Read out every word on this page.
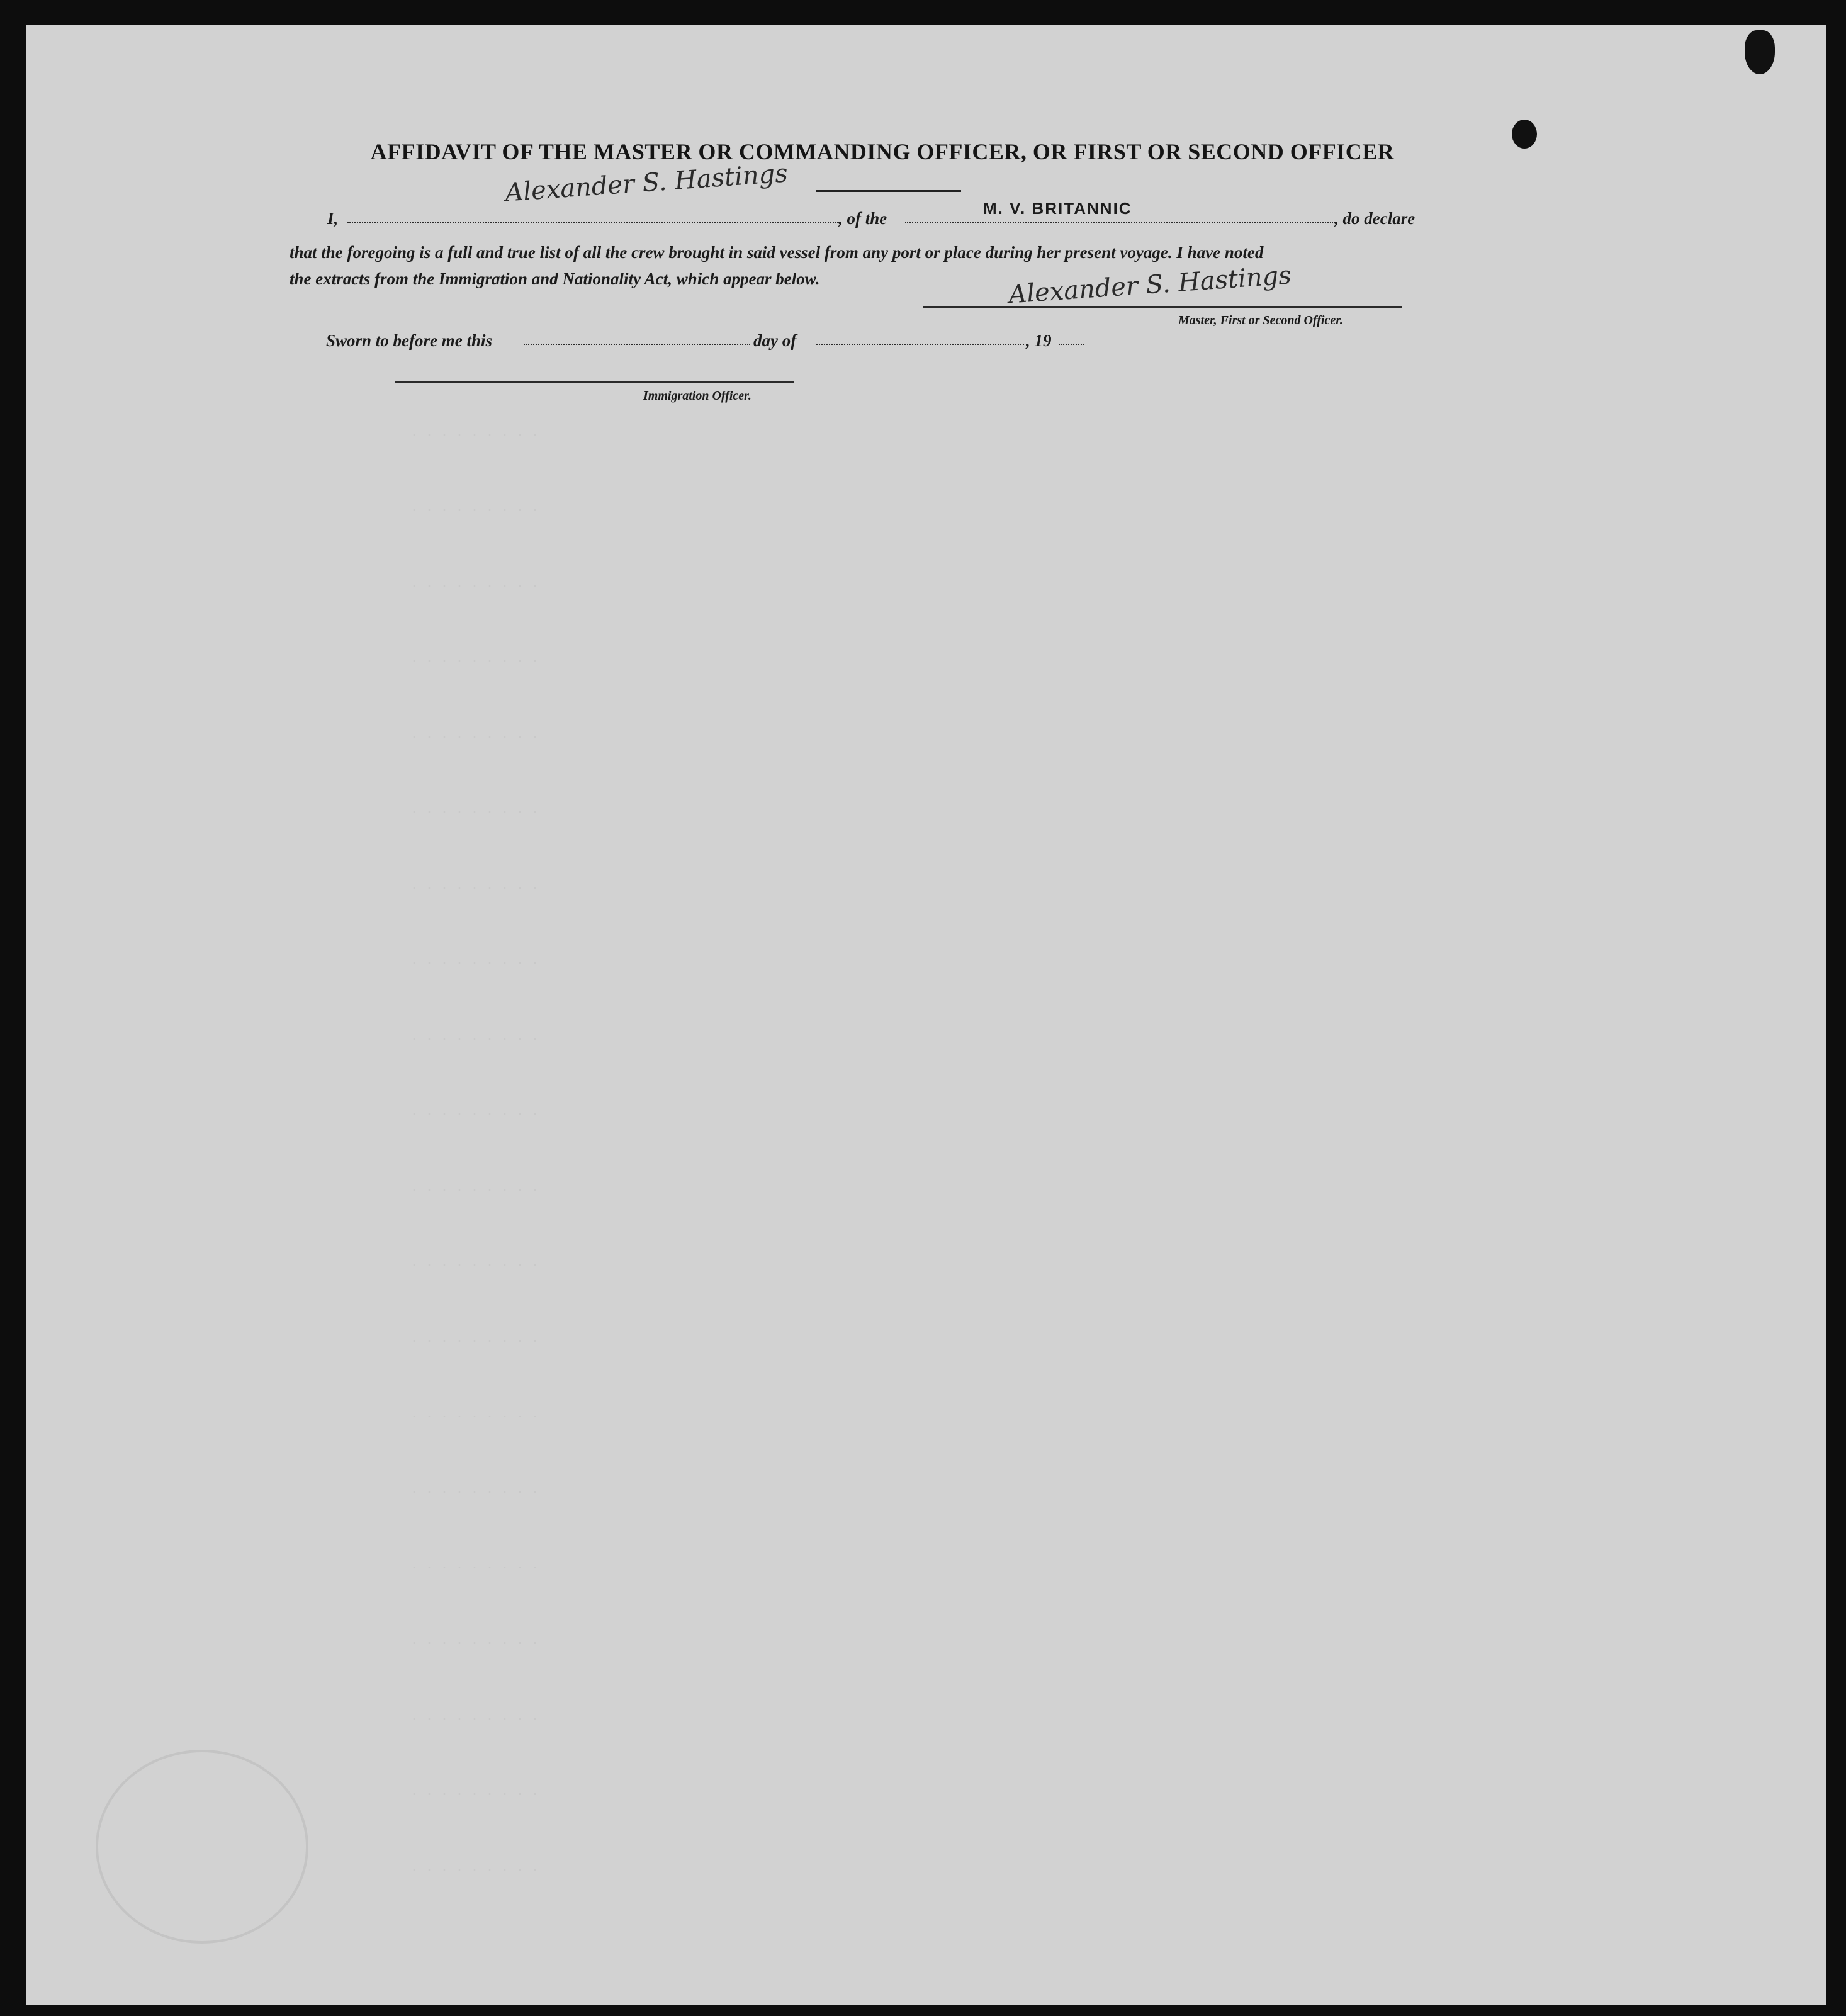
· · · · · · · · ·
· · · · · · · · ·
· · · · · · · · ·
· · · · · · · · ·
· · · · · · · · ·
· · · · · · · · ·
· · · · · · · · ·
· · · · · · · · ·
· · · · · · · · ·
· · · · · · · · ·
· · · · · · · · ·
· · · · · · · · ·
· · · · · · · · ·
· · · · · · · · ·
· · · · · · · · ·
· · · · · · · · ·
· · · · · · · · ·
· · · · · · · · ·
· · · · · · · · ·
· · · · · · · · ·
AFFIDAVIT OF THE MASTER OR COMMANDING OFFICER, OR FIRST OR SECOND OFFICER
Alexander S. Hastings
I,	, of the
M. V. BRITANNIC
, do declare
that the foregoing is a full and true list of all the crew brought in said vessel from any port or place during her present voyage. I have noted
the extracts from the Immigration and Nationality Act, which appear below.	Alexander S. Hastings
Master, First or Second Officer.
Sworn to before me this	day of	, 19
Immigration Officer.
